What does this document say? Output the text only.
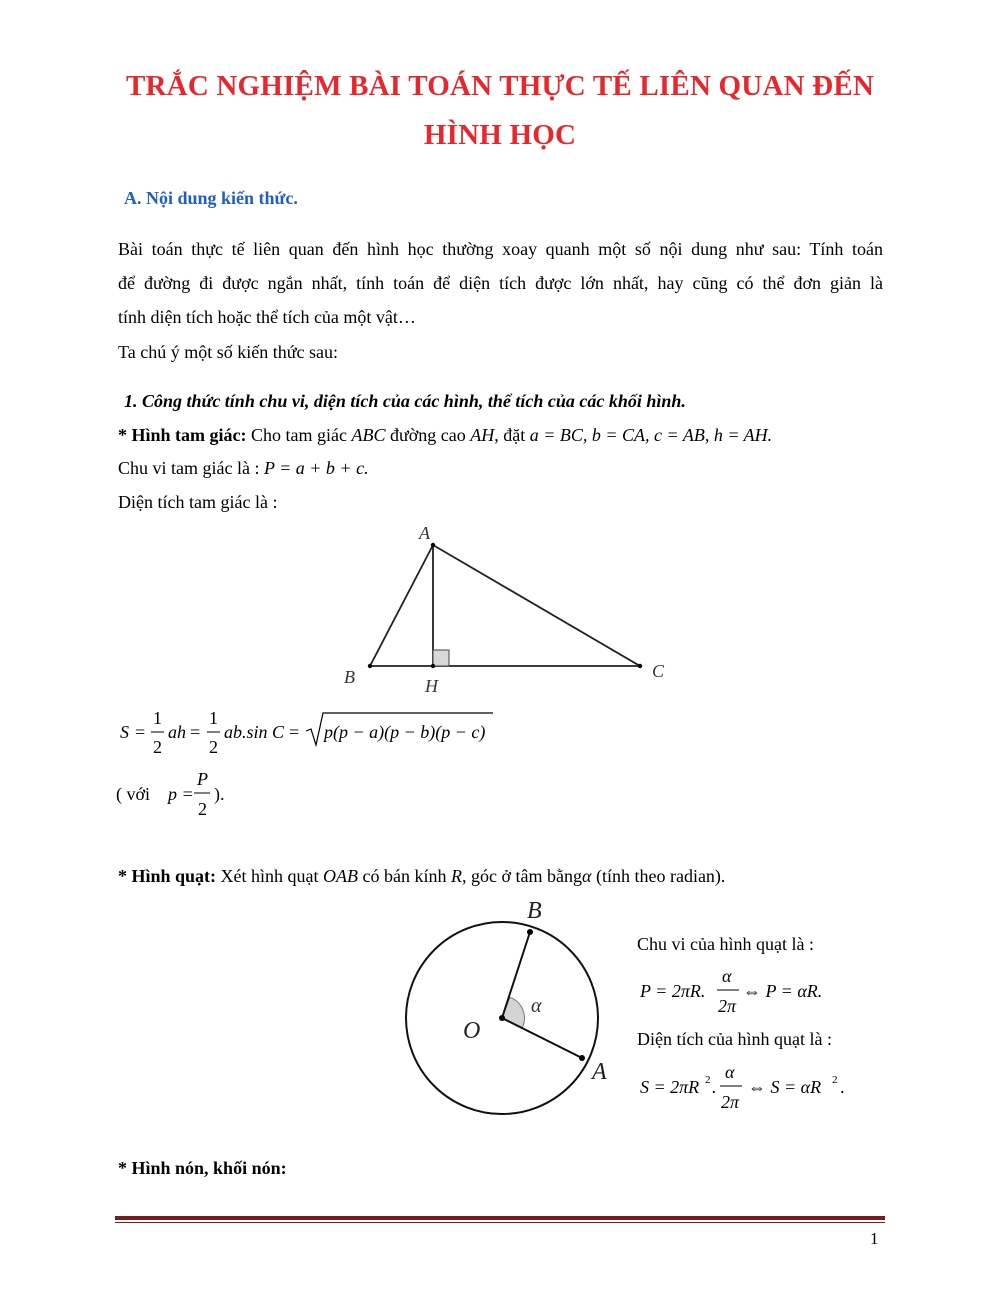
TRẮC NGHIỆM BÀI TOÁN THỰC TẾ LIÊN QUAN ĐẾN
HÌNH HỌC
A. Nội dung kiến thức.
Bài toán thực tế liên quan đến hình học thường xoay quanh một số nội dung như sau: Tính toán
để đường đi được ngắn nhất, tính toán để diện tích được lớn nhất, hay cũng có thể đơn giản là
tính diện tích hoặc thể tích của một vật…
Ta chú ý một số kiến thức sau:
1. Công thức tính chu vi, diện tích của các hình, thể tích của các khối hình.
* Hình tam giác: Cho tam giác ABC đường cao AH, đặt a = BC, b = CA, c = AB, h = AH.
Chu vi tam giác là : P = a + b + c.
Diện tích tam giác là :
A
B	H
C
S =
1
2
ah =
1
2
ab.sin C = p(p − a)(p − b)(p − c)
( với p =
P
2
).
* Hình quạt: Xét hình quạt OAB có bán kính R, góc ở tâm bằngα (tính theo radian).
O
B
A
α
Chu vi của hình quạt là :
P = 2πR.
α
2π
⇔ P = αR.
Diện tích của hình quạt là :
S = 2πR 2 .
α
2π
⇔ S = αR 2 .
* Hình nón, khối nón:
1
